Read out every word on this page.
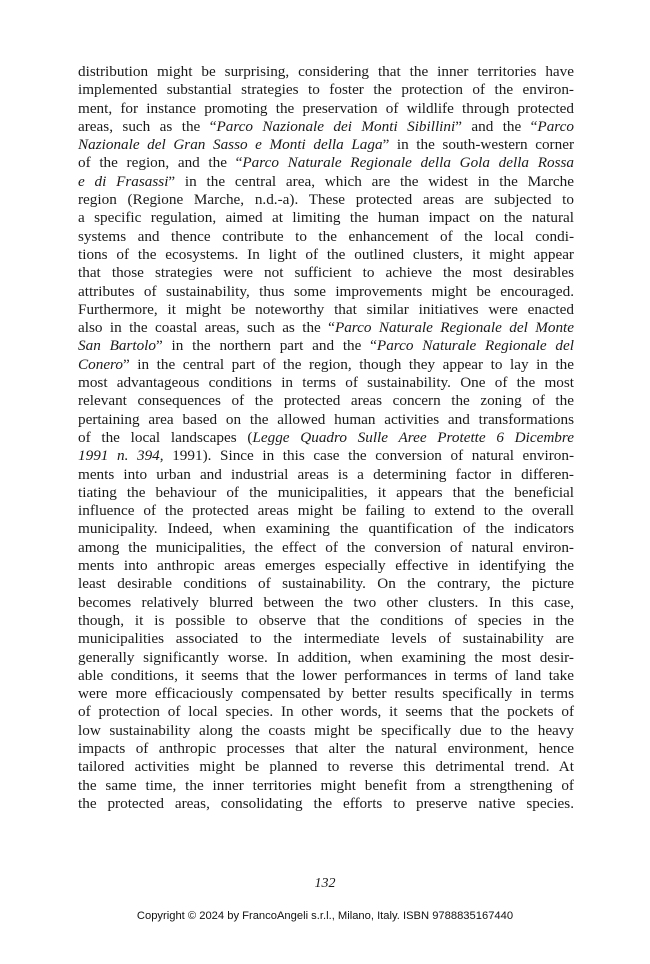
distribution might be surprising, considering that the inner territories have
implemented substantial strategies to foster the protection of the environ-
ment, for instance promoting the preservation of wildlife through protected
areas, such as the “Parco Nazionale dei Monti Sibillini” and the “Parco
Nazionale del Gran Sasso e Monti della Laga” in the south-western corner
of the region, and the “Parco Naturale Regionale della Gola della Rossa
e di Frasassi” in the central area, which are the widest in the Marche
region (Regione Marche, n.d.-a). These protected areas are subjected to
a specific regulation, aimed at limiting the human impact on the natural
systems and thence contribute to the enhancement of the local condi-
tions of the ecosystems. In light of the outlined clusters, it might appear
that those strategies were not sufficient to achieve the most desirables
attributes of sustainability, thus some improvements might be encouraged.
Furthermore, it might be noteworthy that similar initiatives were enacted
also in the coastal areas, such as the “Parco Naturale Regionale del Monte
San Bartolo” in the northern part and the “Parco Naturale Regionale del
Conero” in the central part of the region, though they appear to lay in the
most advantageous conditions in terms of sustainability. One of the most
relevant consequences of the protected areas concern the zoning of the
pertaining area based on the allowed human activities and transformations
of the local landscapes (Legge Quadro Sulle Aree Protette 6 Dicembre
1991 n. 394, 1991). Since in this case the conversion of natural environ-
ments into urban and industrial areas is a determining factor in differen-
tiating the behaviour of the municipalities, it appears that the beneficial
influence of the protected areas might be failing to extend to the overall
municipality. Indeed, when examining the quantification of the indicators
among the municipalities, the effect of the conversion of natural environ-
ments into anthropic areas emerges especially effective in identifying the
least desirable conditions of sustainability. On the contrary, the picture
becomes relatively blurred between the two other clusters. In this case,
though, it is possible to observe that the conditions of species in the
municipalities associated to the intermediate levels of sustainability are
generally significantly worse. In addition, when examining the most desir-
able conditions, it seems that the lower performances in terms of land take
were more efficaciously compensated by better results specifically in terms
of protection of local species. In other words, it seems that the pockets of
low sustainability along the coasts might be specifically due to the heavy
impacts of anthropic processes that alter the natural environment, hence
tailored activities might be planned to reverse this detrimental trend. At
the same time, the inner territories might benefit from a strengthening of
the protected areas, consolidating the efforts to preserve native species.
132
Copyright © 2024 by FrancoAngeli s.r.l., Milano, Italy. ISBN 9788835167440
